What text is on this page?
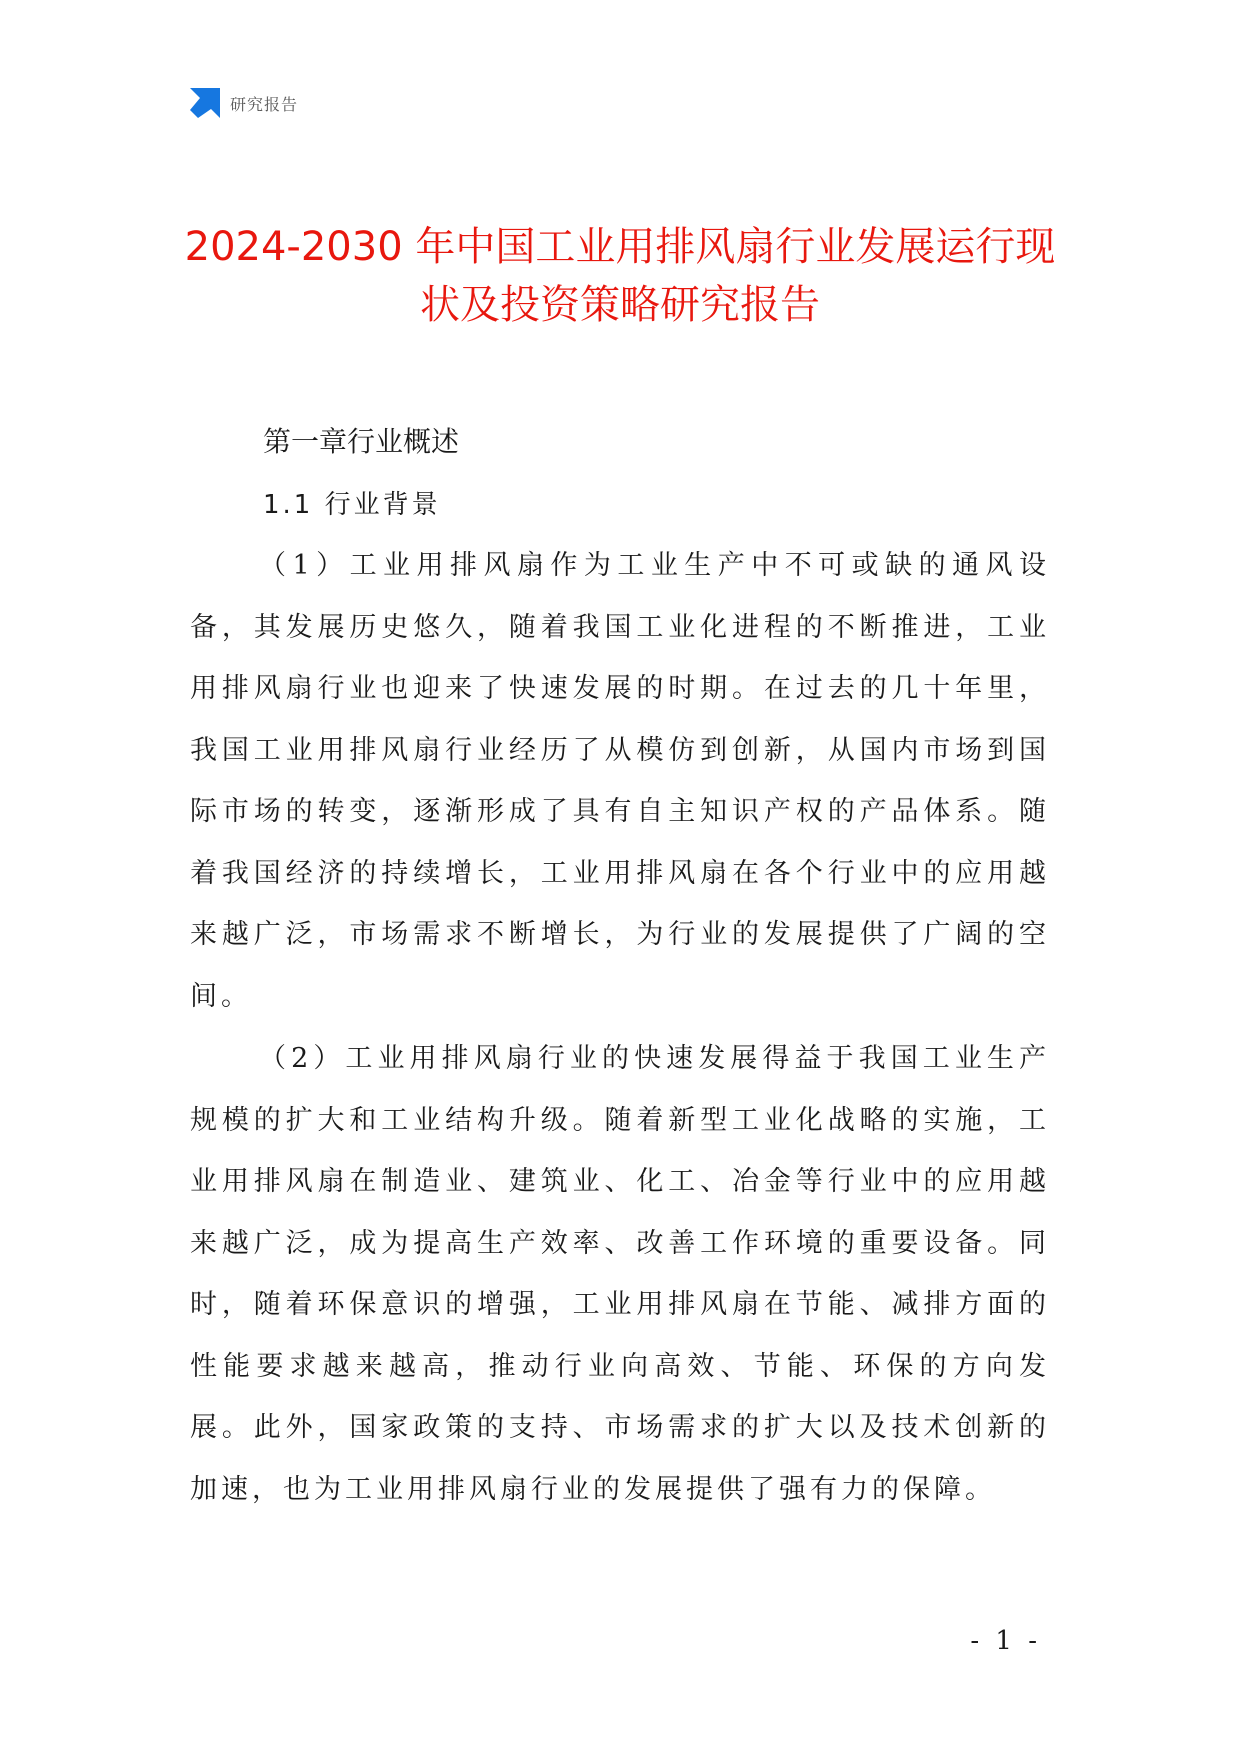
研究报告
2024-2030 年中国工业用排风扇行业发展运行现状及投资策略研究报告
第一章行业概述
1.1 行业背景

（1）工业用排风扇作为工业生产中不可或缺的通风设备，其发展历史悠久，随着我国工业化进程的不断推进，工业用排风扇行业也迎来了快速发展的时期。在过去的几十年里，我国工业用排风扇行业经历了从模仿到创新，从国内市场到国际市场的转变，逐渐形成了具有自主知识产权的产品体系。随着我国经济的持续增长，工业用排风扇在各个行业中的应用越来越广泛，市场需求不断增长，为行业的发展提供了广阔的空间。

（2）工业用排风扇行业的快速发展得益于我国工业生产规模的扩大和工业结构升级。随着新型工业化战略的实施，工业用排风扇在制造业、建筑业、化工、冶金等行业中的应用越来越广泛，成为提高生产效率、改善工作环境的重要设备。同时，随着环保意识的增强，工业用排风扇在节能、减排方面的性能要求越来越高，推动行业向高效、节能、环保的方向发展。此外，国家政策的支持、市场需求的扩大以及技术创新的加速，也为工业用排风扇行业的发展提供了强有力的保障。

- 1 -
